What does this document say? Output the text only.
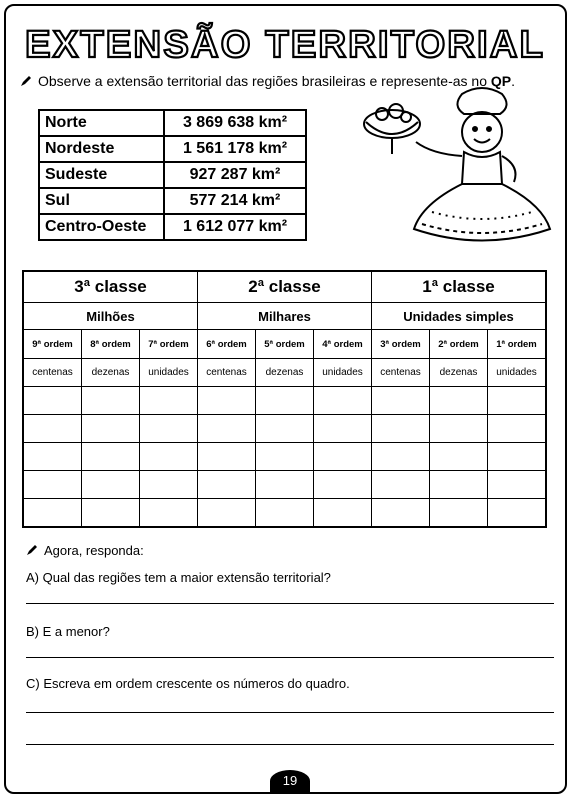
EXTENSÃO TERRITORIAL
Observe a extensão territorial das regiões brasileiras e represente-as no QP.
Norte	3 869 638 km²
Nordeste	1 561 178 km²
Sudeste	927 287 km²
Sul	577 214 km²
Centro-Oeste	1 612 077 km²
3ª classe			2ª classe			1ª classe		
Milhões			Milhares			Unidades simples		
9ª ordem	8ª ordem	7ª ordem	6ª ordem	5ª ordem	4ª ordem	3ª ordem	2ª ordem	1ª ordem
centenas	dezenas	unidades	centenas	dezenas	unidades	centenas	dezenas	unidades

Agora, responda:
A) Qual das regiões tem a maior extensão territorial?
B) E a menor?
C) Escreva em ordem crescente os números do quadro.
19
